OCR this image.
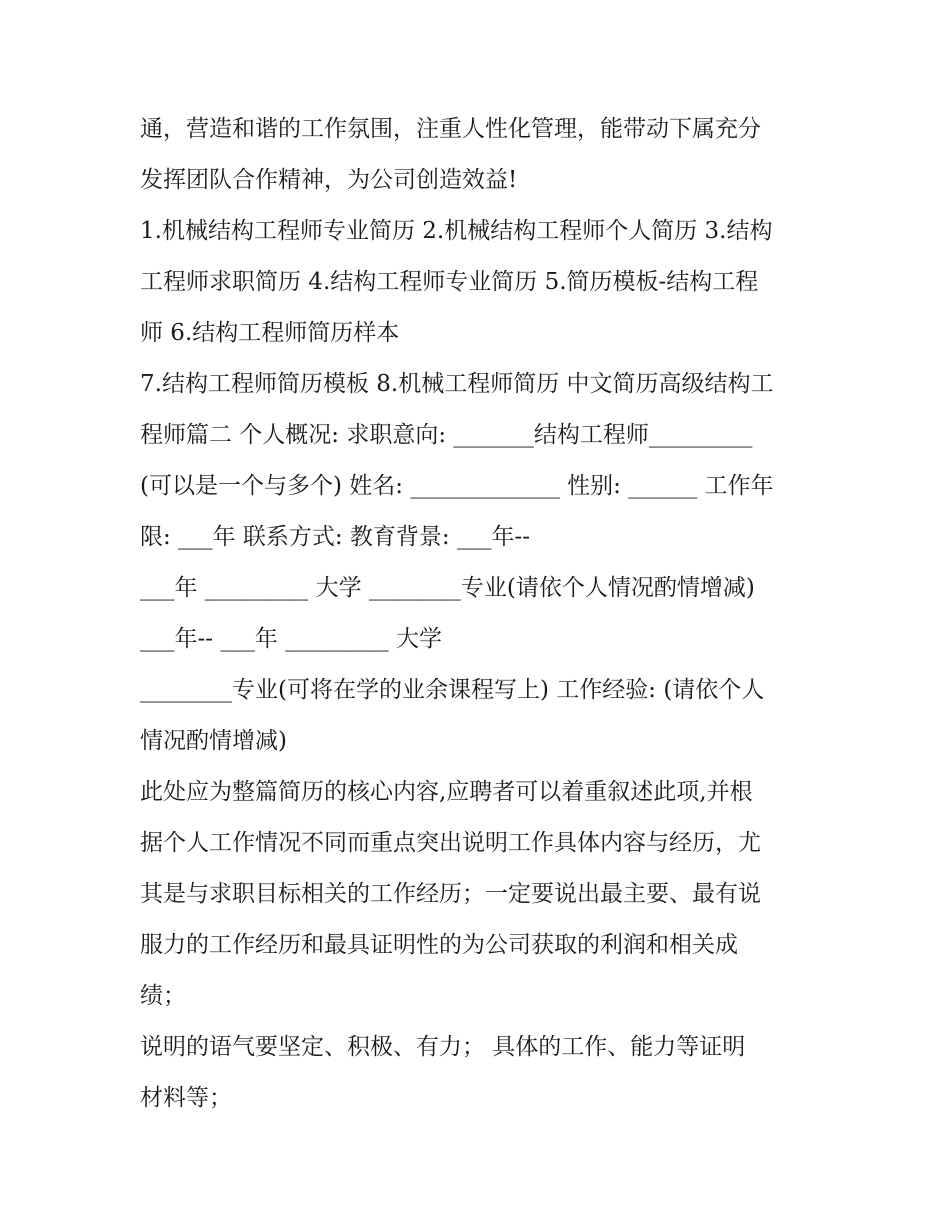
通，营造和谐的工作氛围，注重人性化管理，能带动下属充分
发挥团队合作精神，为公司创造效益!
1.机械结构工程师专业简历 2.机械结构工程师个人简历 3.结构
工程师求职简历 4.结构工程师专业简历 5.简历模板-结构工程
师 6.结构工程师简历样本
7.结构工程师简历模板 8.机械工程师简历 中文简历高级结构工
程师篇二 个人概况: 求职意向: _______结构工程师_________
(可以是一个与多个) 姓名: _____________ 性别: ______ 工作年
限: ___年 联系方式: 教育背景: ___年--
___年 _________ 大学 ________专业(请依个人情况酌情增减)
___年-- ___年 _________ 大学
________专业(可将在学的业余课程写上) 工作经验: (请依个人
情况酌情增减)
此处应为整篇简历的核心内容,应聘者可以着重叙述此项,并根
据个人工作情况不同而重点突出说明工作具体内容与经历，尤
其是与求职目标相关的工作经历；一定要说出最主要、最有说
服力的工作经历和最具证明性的为公司获取的利润和相关成
绩；
说明的语气要坚定、积极、有力； 具体的工作、能力等证明
材料等；
